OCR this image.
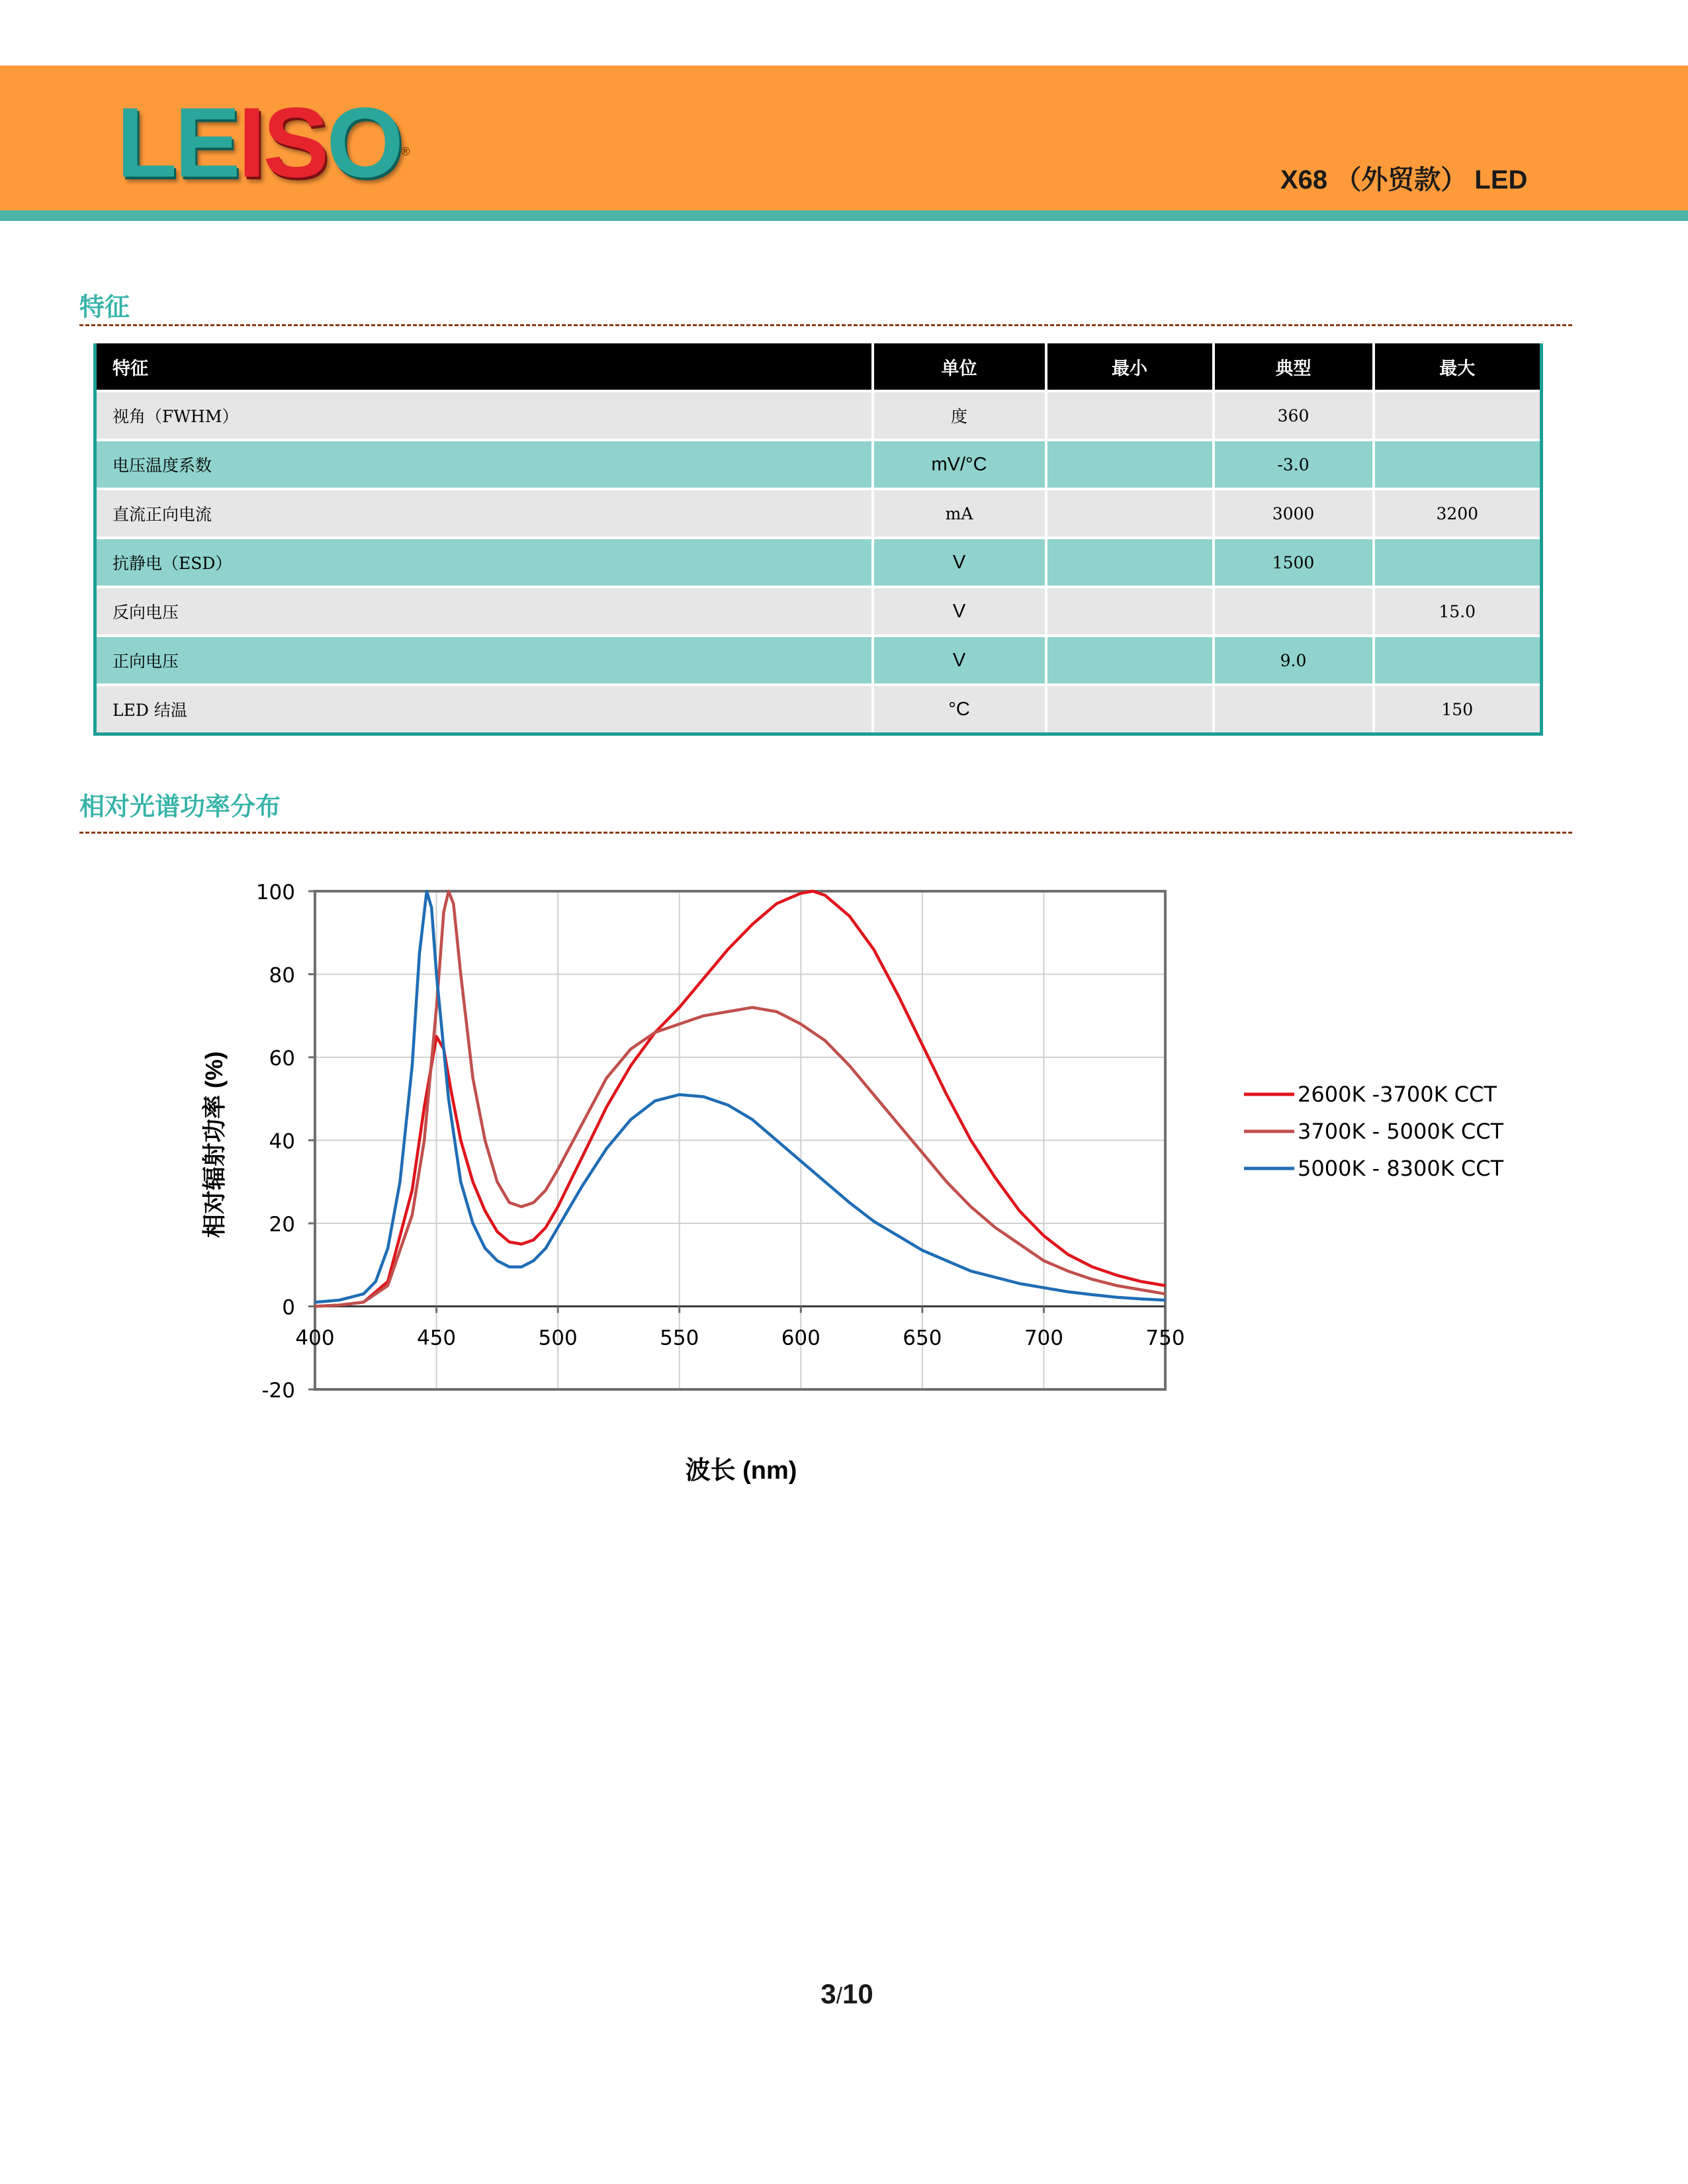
LEISO®
X68 （外贸款） LED
特征
特征	单位	最小	典型	最大
视角（FWHM）	度		360	
电压温度系数	mV/°C		-3.0	
直流正向电流	mA		3000	3200
抗静电（ESD）	V		1500	
反向电压	V			15.0
正向电压	V		9.0	
LED 结温	°C			150
相对光谱功率分布
-20
0
20
40
60
80
100
400	450	500	550	600	650	700	750
相对辐射功率 (%)
波长 (nm)
2600K -3700K CCT
3700K - 5000K CCT
5000K - 8300K CCT
3/10
